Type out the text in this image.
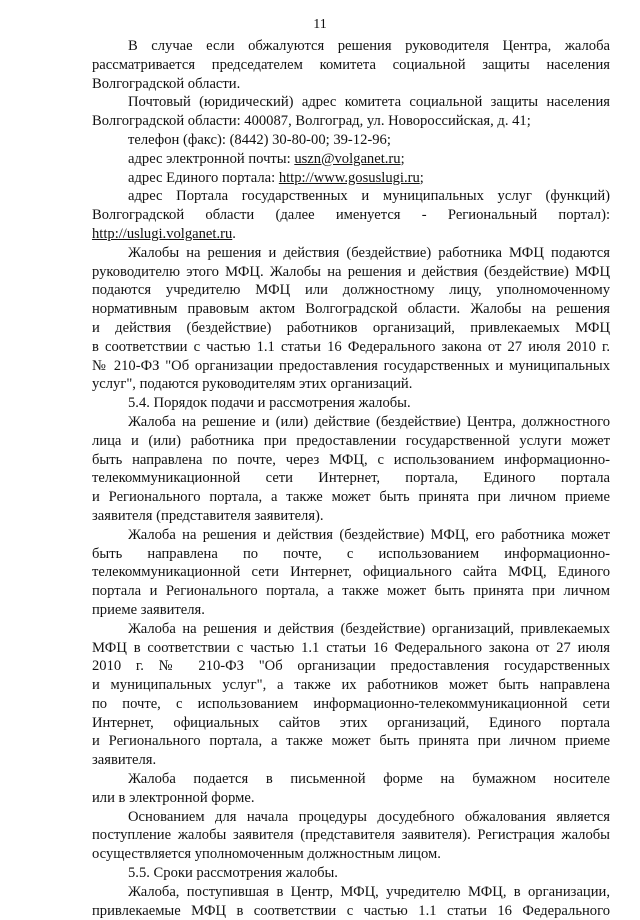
11
В случае если обжалуются решения руководителя Центра, жалоба
рассматривается председателем комитета социальной защиты населения
Волгоградской области.
Почтовый (юридический) адрес комитета социальной защиты населения
Волгоградской области: 400087, Волгоград, ул. Новороссийская, д. 41;
телефон (факс): (8442) 30-80-00; 39-12-96;
адрес электронной почты: uszn@volganet.ru;
адрес Единого портала: http://www.gosuslugi.ru;
адрес Портала государственных и муниципальных услуг (функций)
Волгоградской области (далее именуется - Региональный портал):
http://uslugi.volganet.ru.
Жалобы на решения и действия (бездействие) работника МФЦ подаются
руководителю этого МФЦ. Жалобы на решения и действия (бездействие) МФЦ
подаются учредителю МФЦ или должностному лицу, уполномоченному
нормативным правовым актом Волгоградской области. Жалобы на решения
и действия (бездействие) работников организаций, привлекаемых МФЦ
в соответствии с частью 1.1 статьи 16 Федерального закона от 27 июля 2010 г.
№ 210-ФЗ "Об организации предоставления государственных и муниципальных
услуг", подаются руководителям этих организаций.
5.4. Порядок подачи и рассмотрения жалобы.
Жалоба на решение и (или) действие (бездействие) Центра, должностного
лица и (или) работника при предоставлении государственной услуги может
быть направлена по почте, через МФЦ, с использованием информационно-
телекоммуникационной сети Интернет, портала, Единого портала
и Регионального портала, а также может быть принята при личном приеме
заявителя (представителя заявителя).
Жалоба на решения и действия (бездействие) МФЦ, его работника может
быть направлена по почте, с использованием информационно-
телекоммуникационной сети Интернет, официального сайта МФЦ, Единого
портала и Регионального портала, а также может быть принята при личном
приеме заявителя.
Жалоба на решения и действия (бездействие) организаций, привлекаемых
МФЦ в соответствии с частью 1.1 статьи 16 Федерального закона от 27 июля
2010 г. № 210-ФЗ "Об организации предоставления государственных
и муниципальных услуг", а также их работников может быть направлена
по почте, с использованием информационно-телекоммуникационной сети
Интернет, официальных сайтов этих организаций, Единого портала
и Регионального портала, а также может быть принята при личном приеме
заявителя.
Жалоба подается в письменной форме на бумажном носителе
или в электронной форме.
Основанием для начала процедуры досудебного обжалования является
поступление жалобы заявителя (представителя заявителя). Регистрация жалобы
осуществляется уполномоченным должностным лицом.
5.5. Сроки рассмотрения жалобы.
Жалоба, поступившая в Центр, МФЦ, учредителю МФЦ, в организации,
привлекаемые МФЦ в соответствии с частью 1.1 статьи 16 Федерального
